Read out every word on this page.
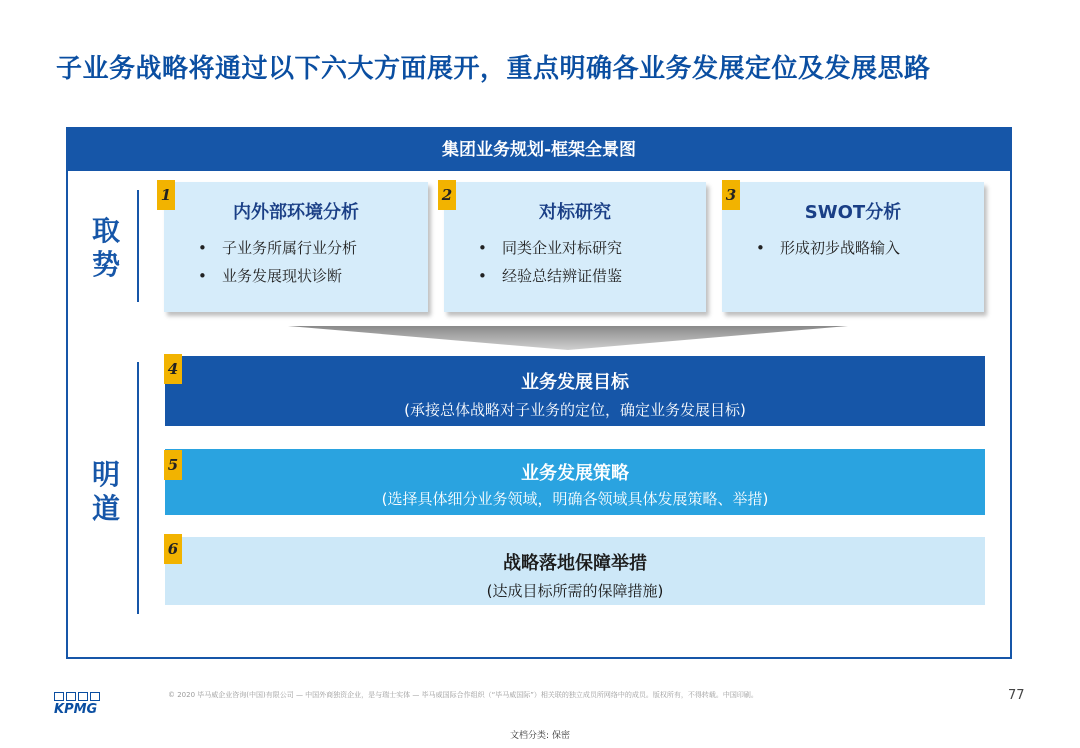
子业务战略将通过以下六大方面展开，重点明确各业务发展定位及发展思路
集团业务规划-框架全景图
取
势
明
道
内外部环境分析
• 子业务所属行业分析
• 业务发展现状诊断
1
对标研究
• 同类企业对标研究
• 经验总结辨证借鉴
2
SWOT分析
• 形成初步战略输入
3
业务发展目标
(承接总体战略对子业务的定位，确定业务发展目标)
4
业务发展策略
(选择具体细分业务领域，明确各领域具体发展策略、举措)
5
战略落地保障举措
(达成目标所需的保障措施)
6
KPMG
© 2020 毕马威企业咨询(中国)有限公司 — 中国外商独资企业，是与瑞士实体 — 毕马威国际合作组织（“毕马威国际”）相关联的独立成员所网络中的成员。版权所有，不得转载。中国印刷。	77
文档分类: 保密
